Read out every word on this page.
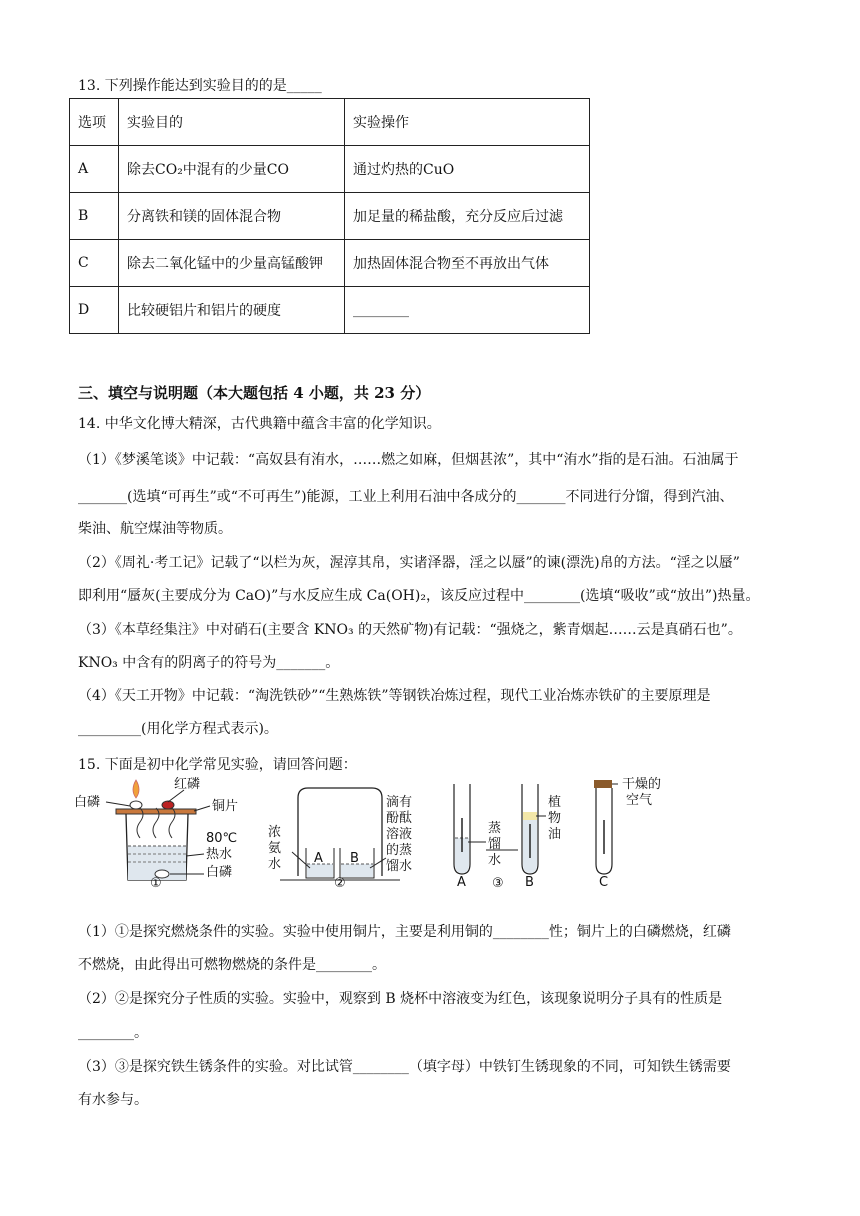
13. 下列操作能达到实验目的的是_____
选项	实验目的	实验操作
A	除去CO₂中混有的少量CO	通过灼热的CuO
B	分离铁和镁的固体混合物	加足量的稀盐酸，充分反应后过滤
C	除去二氧化锰中的少量高锰酸钾	加热固体混合物至不再放出气体
D	比较硬铝片和铝片的硬度	________
三、填空与说明题（本大题包括 4 小题，共 23 分）
14. 中华文化博大精深，古代典籍中蕴含丰富的化学知识。
（1）《梦溪笔谈》中记载：“高奴县有洧水，……燃之如麻，但烟甚浓”，其中“洧水”指的是石油。石油属于
_______(选填“可再生”或“不可再生”)能源，工业上利用石油中各成分的_______不同进行分馏，得到汽油、
柴油、航空煤油等物质。
（2）《周礼·考工记》记载了“以栏为灰，渥淳其帛，实诸泽器，淫之以蜃”的谏(漂洗)帛的方法。“淫之以蜃”
即利用“蜃灰(主要成分为 CaO)”与水反应生成 Ca(OH)₂，该反应过程中________(选填“吸收”或“放出”)热量。
（3）《本草经集注》中对硝石(主要含 KNO₃ 的天然矿物)有记载：“强烧之，紫青烟起……云是真硝石也”。
KNO₃ 中含有的阴离子的符号为_______。
（4）《天工开物》中记载：“淘洗铁砂”“生熟炼铁”等钢铁冶炼过程，现代工业冶炼赤铁矿的主要原理是
_________(用化学方程式表示)。
15. 下面是初中化学常见实验，请回答问题：
白磷
红磷
铜片
80℃
热水
白磷
①
A B
浓
氨
水
滴有
酚酞
溶液
的蒸
馏水
②
蒸
馏
水
植
物
油
干燥的
空气
A	B	C
③
（1）①是探究燃烧条件的实验。实验中使用铜片，主要是利用铜的________性；铜片上的白磷燃烧，红磷
不燃烧，由此得出可燃物燃烧的条件是________。
（2）②是探究分子性质的实验。实验中，观察到 B 烧杯中溶液变为红色，该现象说明分子具有的性质是
________。
（3）③是探究铁生锈条件的实验。对比试管________（填字母）中铁钉生锈现象的不同，可知铁生锈需要
有水参与。
